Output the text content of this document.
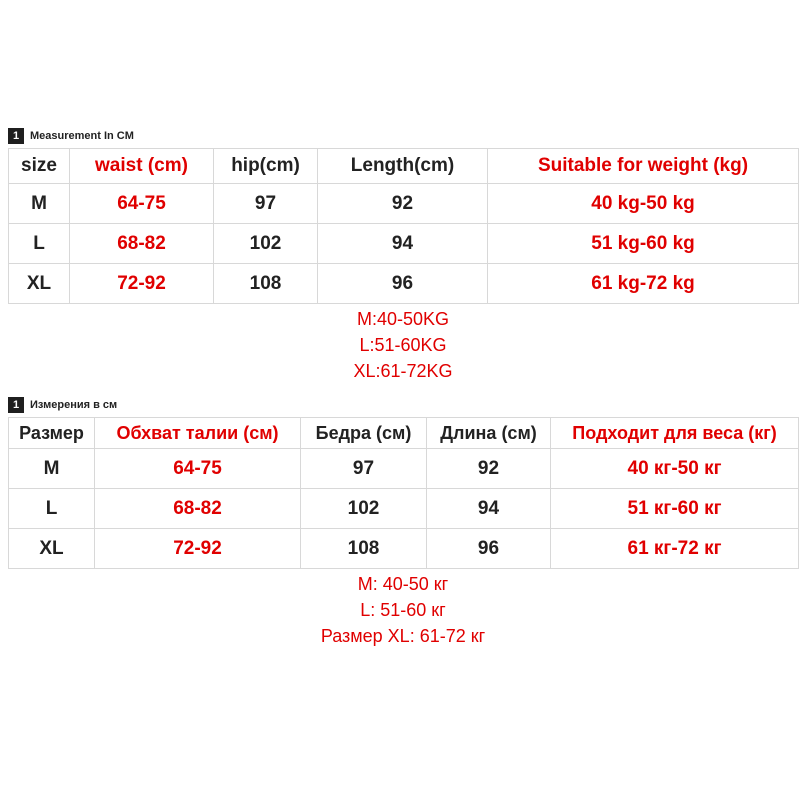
1 Measurement In CM
size	waist (cm)	hip(cm)	Length(cm)	Suitable for weight (kg)
M	64-75	97	92	40 kg-50 kg
L	68-82	102	94	51 kg-60 kg
XL	72-92	108	96	61 kg-72 kg
M:40-50KG
L:51-60KG
XL:61-72KG
1 Измерения в см
Размер	Обхват талии (см)	Бедра (см)	Длина (см)	Подходит для веса (кг)
M	64-75	97	92	40 кг-50 кг
L	68-82	102	94	51 кг-60 кг
XL	72-92	108	96	61 кг-72 кг
M: 40-50 кг
L: 51-60 кг
Размер XL: 61-72 кг
